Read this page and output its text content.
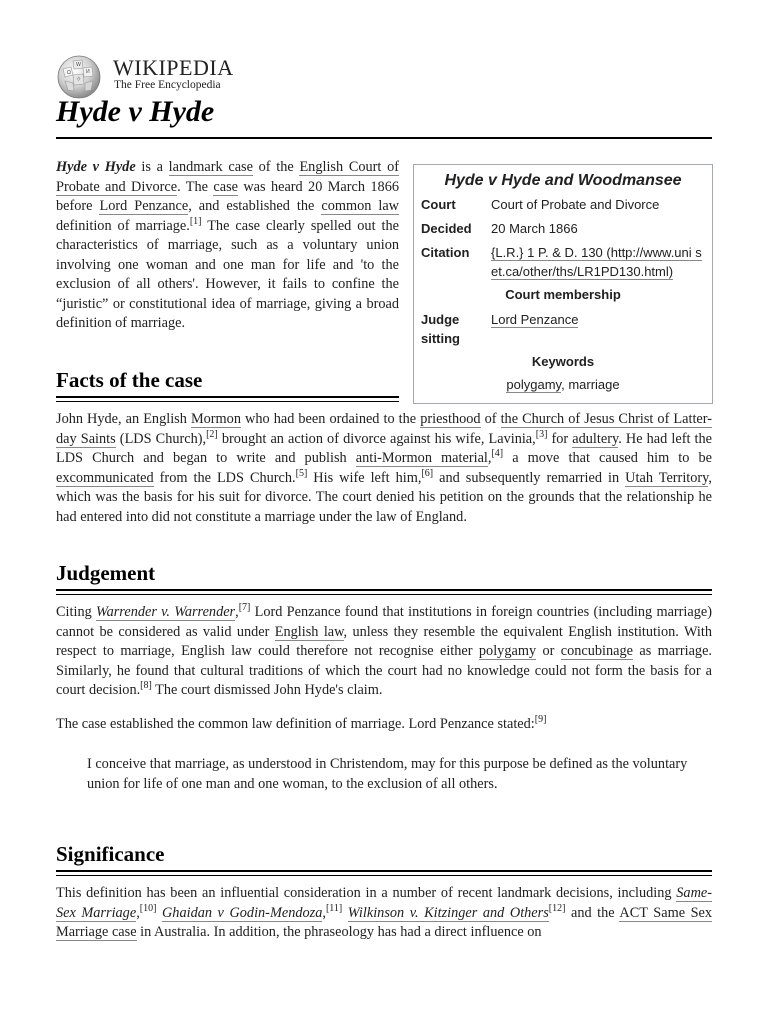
Ω
W
И
ウ WIKIPEDIA
The Free Encyclopedia
Hyde v Hyde
Hyde v Hyde and Woodmansee
Court	Court of Probate and Divorce
Decided 20 March 1866
Citation {L.R.} 1 P. & D. 130 (http://www.uni set.ca/other/ths/LR1PD130.html)
Court membership
Judge sitting
Lord Penzance
Keywords
polygamy, marriage

Hyde v Hyde is a landmark case of the English Court of Probate and Divorce. The case was heard 20 March 1866 before Lord Penzance, and established the common law definition of marriage.[1] The case clearly spelled out the characteristics of marriage, such as a voluntary union involving one woman and one man for life and 'to the exclusion of all others'. However, it fails to confine the “juristic” or constitutional idea of marriage, giving a broad definition of marriage.

Facts of the case

John Hyde, an English Mormon who had been ordained to the priesthood of the Church of Jesus Christ of Latter-day Saints (LDS Church),[2] brought an action of divorce against his wife, Lavinia,[3] for adultery. He had left the LDS Church and began to write and publish anti-Mormon material,[4] a move that caused him to be excommunicated from the LDS Church.[5] His wife left him,[6] and subsequently remarried in Utah Territory, which was the basis for his suit for divorce. The court denied his petition on the grounds that the relationship he had entered into did not constitute a marriage under the law of England.

Judgement

Citing Warrender v. Warrender,[7] Lord Penzance found that institutions in foreign countries (including marriage) cannot be considered as valid under English law, unless they resemble the equivalent English institution. With respect to marriage, English law could therefore not recognise either polygamy or concubinage as marriage. Similarly, he found that cultural traditions of which the court had no knowledge could not form the basis for a court decision.[8] The court dismissed John Hyde's claim.

The case established the common law definition of marriage. Lord Penzance stated:[9]

I conceive that marriage, as understood in Christendom, may for this purpose be defined as the voluntary union for life of one man and one woman, to the exclusion of all others.
Significance

This definition has been an influential consideration in a number of recent landmark decisions, including Same-Sex Marriage,[10] Ghaidan v Godin-Mendoza,[11] Wilkinson v. Kitzinger and Others[12] and the ACT Same Sex Marriage case in Australia. In addition, the phraseology has had a direct influence on
